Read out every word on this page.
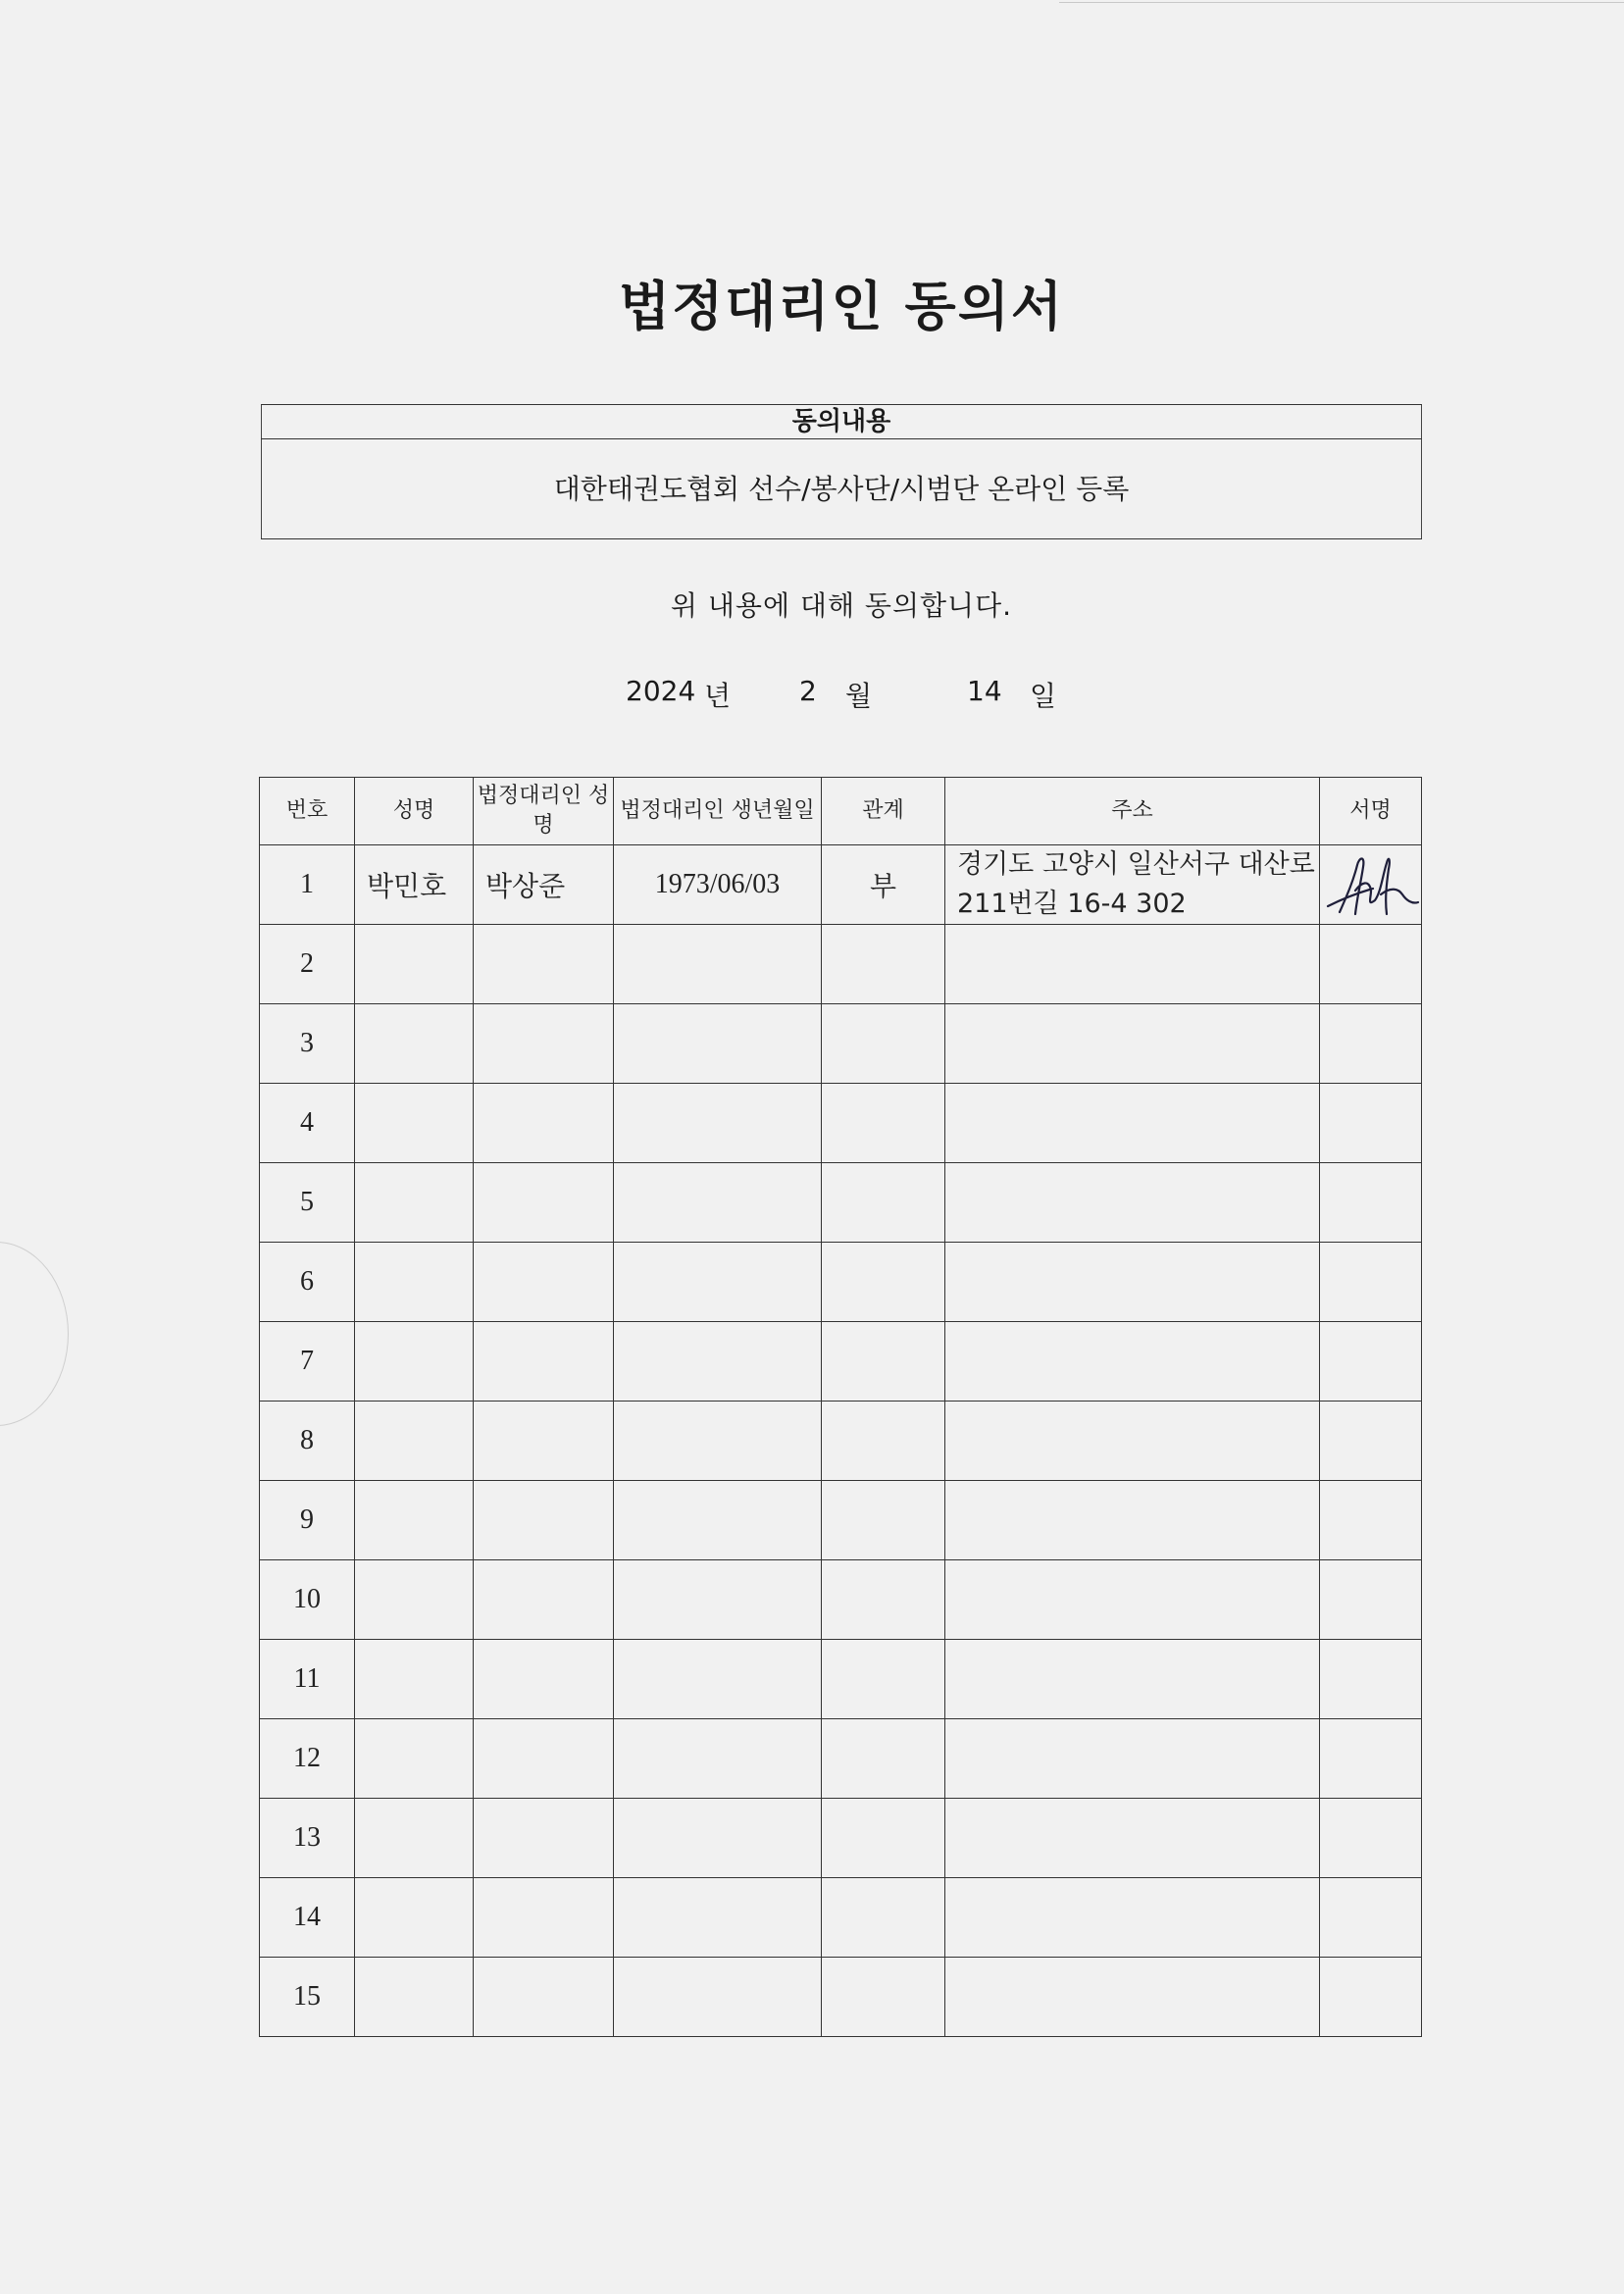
법정대리인 동의서
동의내용
대한태권도협회 선수/봉사단/시범단 온라인 등록
위 내용에 대해 동의합니다.
2024 년 2 월	14 일
번호	성명	법정대리인 성명	법정대리인 생년월일	관계	주소	서명
1	박민호	박상준	1973/06/03	부	경기도 고양시 일산서구 대산로211번길 16-4 302	

2						
3						
4						
5						
6						
7						
8						
9						
10						
11						
12						
13						
14						
15						
